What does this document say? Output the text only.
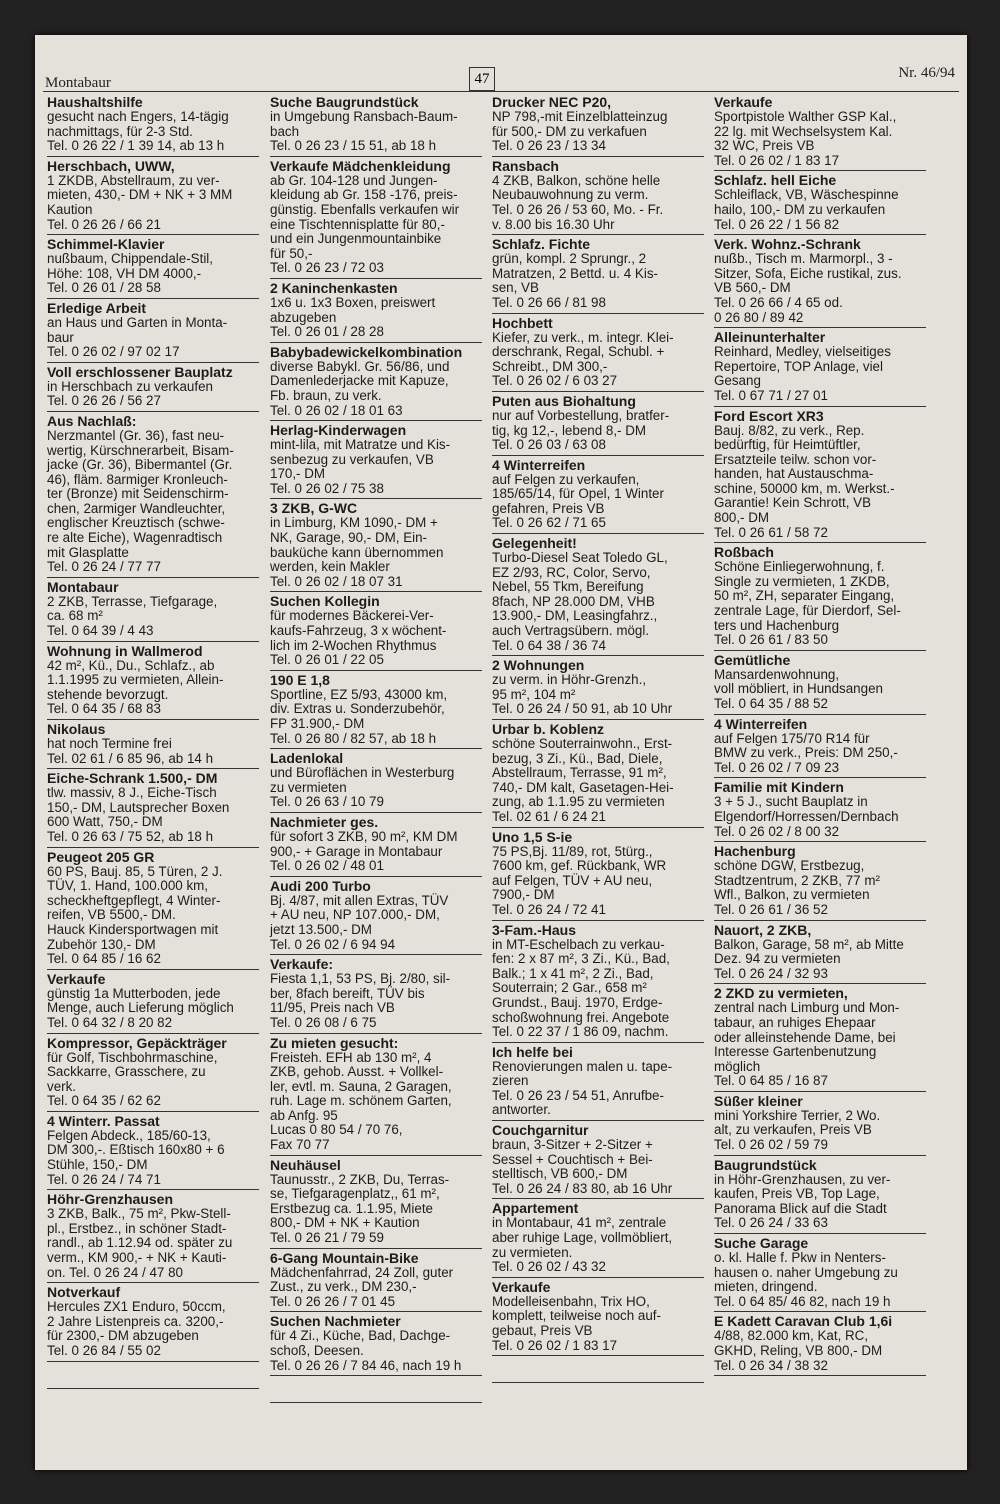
Montabaur	47	Nr. 46/94
Haushaltshilfe
gesucht nach Engers, 14-tägig
nachmittags, für 2-3 Std.
Tel. 0 26 22 / 1 39 14, ab 13 h
Herschbach, UWW,
1 ZKDB, Abstellraum, zu ver-
mieten, 430,- DM + NK + 3 MM
Kaution
Tel. 0 26 26 / 66 21
Schimmel-Klavier
nußbaum, Chippendale-Stil,
Höhe: 108, VH DM 4000,-
Tel. 0 26 01 / 28 58
Erledige Arbeit
an Haus und Garten in Monta-
baur
Tel. 0 26 02 / 97 02 17
Voll erschlossener Bauplatz
in Herschbach zu verkaufen
Tel. 0 26 26 / 56 27
Aus Nachlaß:
Nerzmantel (Gr. 36), fast neu-
wertig, Kürschnerarbeit, Bisam-
jacke (Gr. 36), Bibermantel (Gr.
46), fläm. 8armiger Kronleuch-
ter (Bronze) mit Seidenschirm-
chen, 2armiger Wandleuchter,
englischer Kreuztisch (schwe-
re alte Eiche), Wagenradtisch
mit Glasplatte
Tel. 0 26 24 / 77 77
Montabaur
2 ZKB, Terrasse, Tiefgarage,
ca. 68 m²
Tel. 0 64 39 / 4 43
Wohnung in Wallmerod
42 m², Kü., Du., Schlafz., ab
1.1.1995 zu vermieten, Allein-
stehende bevorzugt.
Tel. 0 64 35 / 68 83
Nikolaus
hat noch Termine frei
Tel. 02 61 / 6 85 96, ab 14 h
Eiche-Schrank 1.500,- DM
tlw. massiv, 8 J., Eiche-Tisch
150,- DM, Lautsprecher Boxen
600 Watt, 750,- DM
Tel. 0 26 63 / 75 52, ab 18 h
Peugeot 205 GR
60 PS, Bauj. 85, 5 Türen, 2 J.
TÜV, 1. Hand, 100.000 km,
scheckheftgepflegt, 4 Winter-
reifen, VB 5500,- DM.
Hauck Kindersportwagen mit
Zubehör 130,- DM
Tel. 0 64 85 / 16 62
Verkaufe
günstig 1a Mutterboden, jede
Menge, auch Lieferung möglich
Tel. 0 64 32 / 8 20 82
Kompressor, Gepäckträger
für Golf, Tischbohrmaschine,
Sackkarre, Grasschere, zu
verk.
Tel. 0 64 35 / 62 62
4 Winterr. Passat
Felgen Abdeck., 185/60-13,
DM 300,-. Eßtisch 160x80 + 6
Stühle, 150,- DM
Tel. 0 26 24 / 74 71
Höhr-Grenzhausen
3 ZKB, Balk., 75 m², Pkw-Stell-
pl., Erstbez., in schöner Stadt-
randl., ab 1.12.94 od. später zu
verm., KM 900,- + NK + Kauti-
on. Tel. 0 26 24 / 47 80
Notverkauf
Hercules ZX1 Enduro, 50ccm,
2 Jahre Listenpreis ca. 3200,-
für 2300,- DM abzugeben
Tel. 0 26 84 / 55 02
Suche Baugrundstück
in Umgebung Ransbach-Baum-
bach
Tel. 0 26 23 / 15 51, ab 18 h
Verkaufe Mädchenkleidung
ab Gr. 104-128 und Jungen-
kleidung ab Gr. 158 -176, preis-
günstig. Ebenfalls verkaufen wir
eine Tischtennisplatte für 80,-
und ein Jungenmountainbike
für 50,-
Tel. 0 26 23 / 72 03
2 Kaninchenkasten
1x6 u. 1x3 Boxen, preiswert
abzugeben
Tel. 0 26 01 / 28 28
Babybadewickelkombination
diverse Babykl. Gr. 56/86, und
Damenlederjacke mit Kapuze,
Fb. braun, zu verk.
Tel. 0 26 02 / 18 01 63
Herlag-Kinderwagen
mint-lila, mit Matratze und Kis-
senbezug zu verkaufen, VB
170,- DM
Tel. 0 26 02 / 75 38
3 ZKB, G-WC
in Limburg, KM 1090,- DM +
NK, Garage, 90,- DM, Ein-
bauküche kann übernommen
werden, kein Makler
Tel. 0 26 02 / 18 07 31
Suchen Kollegin
für modernes Bäckerei-Ver-
kaufs-Fahrzeug, 3 x wöchent-
lich im 2-Wochen Rhythmus
Tel. 0 26 01 / 22 05
190 E 1,8
Sportline, EZ 5/93, 43000 km,
div. Extras u. Sonderzubehör,
FP 31.900,- DM
Tel. 0 26 80 / 82 57, ab 18 h
Ladenlokal
und Büroflächen in Westerburg
zu vermieten
Tel. 0 26 63 / 10 79
Nachmieter ges.
für sofort 3 ZKB, 90 m², KM DM
900,- + Garage in Montabaur
Tel. 0 26 02 / 48 01
Audi 200 Turbo
Bj. 4/87, mit allen Extras, TÜV
+ AU neu, NP 107.000,- DM,
jetzt 13.500,- DM
Tel. 0 26 02 / 6 94 94
Verkaufe:
Fiesta 1,1, 53 PS, Bj. 2/80, sil-
ber, 8fach bereift, TÜV bis
11/95, Preis nach VB
Tel. 0 26 08 / 6 75
Zu mieten gesucht:
Freisteh. EFH ab 130 m², 4
ZKB, gehob. Ausst. + Vollkel-
ler, evtl. m. Sauna, 2 Garagen,
ruh. Lage m. schönem Garten,
ab Anfg. 95
Lucas 0 80 54 / 70 76,
Fax 70 77
Neuhäusel
Taunusstr., 2 ZKB, Du, Terras-
se, Tiefgaragenplatz,, 61 m²,
Erstbezug ca. 1.1.95, Miete
800,- DM + NK + Kaution
Tel. 0 26 21 / 79 59
6-Gang Mountain-Bike
Mädchenfahrrad, 24 Zoll, guter
Zust., zu verk., DM 230,-
Tel. 0 26 26 / 7 01 45
Suchen Nachmieter
für 4 Zi., Küche, Bad, Dachge-
schoß, Deesen.
Tel. 0 26 26 / 7 84 46, nach 19 h
Drucker NEC P20,
NP 798,-mit Einzelblatteinzug
für 500,- DM zu verkafuen
Tel. 0 26 23 / 13 34
Ransbach
4 ZKB, Balkon, schöne helle
Neubauwohnung zu verm.
Tel. 0 26 26 / 53 60, Mo. - Fr.
v. 8.00 bis 16.30 Uhr
Schlafz. Fichte
grün, kompl. 2 Sprungr., 2
Matratzen, 2 Bettd. u. 4 Kis-
sen, VB
Tel. 0 26 66 / 81 98
Hochbett
Kiefer, zu verk., m. integr. Klei-
derschrank, Regal, Schubl. +
Schreibt., DM 300,-
Tel. 0 26 02 / 6 03 27
Puten aus Biohaltung
nur auf Vorbestellung, bratfer-
tig, kg 12,-, lebend 8,- DM
Tel. 0 26 03 / 63 08
4 Winterreifen
auf Felgen zu verkaufen,
185/65/14, für Opel, 1 Winter
gefahren, Preis VB
Tel. 0 26 62 / 71 65
Gelegenheit!
Turbo-Diesel Seat Toledo GL,
EZ 2/93, RC, Color, Servo,
Nebel, 55 Tkm, Bereifung
8fach, NP 28.000 DM, VHB
13.900,- DM, Leasingfahrz.,
auch Vertragsübern. mögl.
Tel. 0 64 38 / 36 74
2 Wohnungen
zu verm. in Höhr-Grenzh.,
95 m², 104 m²
Tel. 0 26 24 / 50 91, ab 10 Uhr
Urbar b. Koblenz
schöne Souterrainwohn., Erst-
bezug, 3 Zi., Kü., Bad, Diele,
Abstellraum, Terrasse, 91 m²,
740,- DM kalt, Gasetagen-Hei-
zung, ab 1.1.95 zu vermieten
Tel. 02 61 / 6 24 21
Uno 1,5 S-ie
75 PS,Bj. 11/89, rot, 5türg.,
7600 km, gef. Rückbank, WR
auf Felgen, TÜV + AU neu,
7900,- DM
Tel. 0 26 24 / 72 41
3-Fam.-Haus
in MT-Eschelbach zu verkau-
fen: 2 x 87 m², 3 Zi., Kü., Bad,
Balk.; 1 x 41 m², 2 Zi., Bad,
Souterrain; 2 Gar., 658 m²
Grundst., Bauj. 1970, Erdge-
schoßwohnung frei. Angebote
Tel. 0 22 37 / 1 86 09, nachm.
Ich helfe bei
Renovierungen malen u. tape-
zieren
Tel. 0 26 23 / 54 51, Anrufbe-
antworter.
Couchgarnitur
braun, 3-Sitzer + 2-Sitzer +
Sessel + Couchtisch + Bei-
stelltisch, VB 600,- DM
Tel. 0 26 24 / 83 80, ab 16 Uhr
Appartement
in Montabaur, 41 m², zentrale
aber ruhige Lage, vollmöbliert,
zu vermieten.
Tel. 0 26 02 / 43 32
Verkaufe
Modelleisenbahn, Trix HO,
komplett, teilweise noch auf-
gebaut, Preis VB
Tel. 0 26 02 / 1 83 17
Verkaufe
Sportpistole Walther GSP Kal.,
22 lg. mit Wechselsystem Kal.
32 WC, Preis VB
Tel. 0 26 02 / 1 83 17
Schlafz. hell Eiche
Schleiflack, VB, Wäschespinne
hailo, 100,- DM zu verkaufen
Tel. 0 26 22 / 1 56 82
Verk. Wohnz.-Schrank
nußb., Tisch m. Marmorpl., 3 -
Sitzer, Sofa, Eiche rustikal, zus.
VB 560,- DM
Tel. 0 26 66 / 4 65 od.
0 26 80 / 89 42
Alleinunterhalter
Reinhard, Medley, vielseitiges
Repertoire, TOP Anlage, viel
Gesang
Tel. 0 67 71 / 27 01
Ford Escort XR3
Bauj. 8/82, zu verk., Rep.
bedürftig, für Heimtüftler,
Ersatzteile teilw. schon vor-
handen, hat Austauschma-
schine, 50000 km, m. Werkst.-
Garantie! Kein Schrott, VB
800,- DM
Tel. 0 26 61 / 58 72
Roßbach
Schöne Einliegerwohnung, f.
Single zu vermieten, 1 ZKDB,
50 m², ZH, separater Eingang,
zentrale Lage, für Dierdorf, Sel-
ters und Hachenburg
Tel. 0 26 61 / 83 50
Gemütliche
Mansardenwohnung,
voll möbliert, in Hundsangen
Tel. 0 64 35 / 88 52
4 Winterreifen
auf Felgen 175/70 R14 für
BMW zu verk., Preis: DM 250,-
Tel. 0 26 02 / 7 09 23
Familie mit Kindern
3 + 5 J., sucht Bauplatz in
Elgendorf/Horressen/Dernbach
Tel. 0 26 02 / 8 00 32
Hachenburg
schöne DGW, Erstbezug,
Stadtzentrum, 2 ZKB, 77 m²
Wfl., Balkon, zu vermieten
Tel. 0 26 61 / 36 52
Nauort, 2 ZKB,
Balkon, Garage, 58 m², ab Mitte
Dez. 94 zu vermieten
Tel. 0 26 24 / 32 93
2 ZKD zu vermieten,
zentral nach Limburg und Mon-
tabaur, an ruhiges Ehepaar
oder alleinstehende Dame, bei
Interesse Gartenbenutzung
möglich
Tel. 0 64 85 / 16 87
Süßer kleiner
mini Yorkshire Terrier, 2 Wo.
alt, zu verkaufen, Preis VB
Tel. 0 26 02 / 59 79
Baugrundstück
in Höhr-Grenzhausen, zu ver-
kaufen, Preis VB, Top Lage,
Panorama Blick auf die Stadt
Tel. 0 26 24 / 33 63
Suche Garage
o. kl. Halle f. Pkw in Nenters-
hausen o. naher Umgebung zu
mieten, dringend.
Tel. 0 64 85/ 46 82, nach 19 h
E Kadett Caravan Club 1,6i
4/88, 82.000 km, Kat, RC,
GKHD, Reling, VB 800,- DM
Tel. 0 26 34 / 38 32
